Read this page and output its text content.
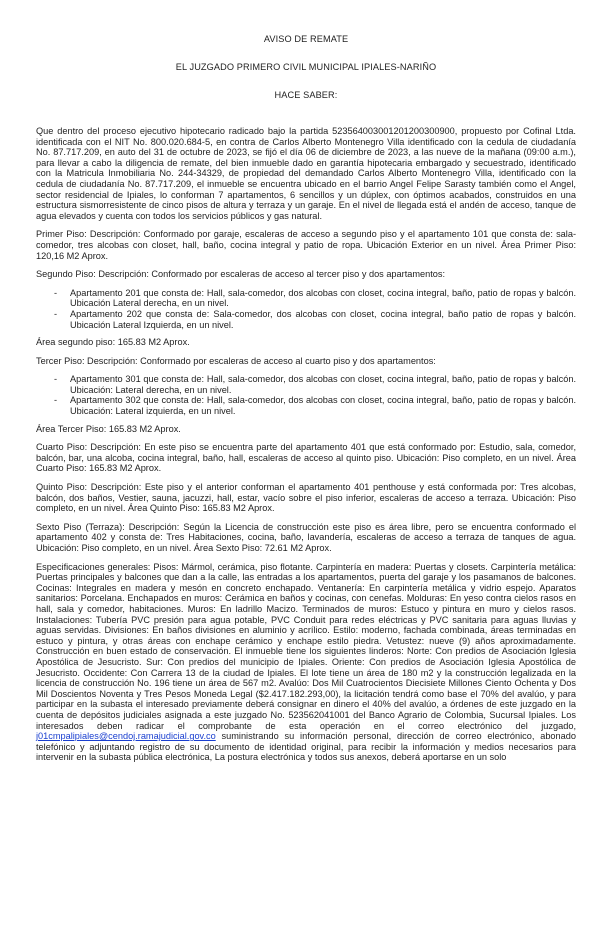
AVISO DE REMATE
EL JUZGADO PRIMERO CIVIL MUNICIPAL IPIALES-NARIÑO
HACE SABER:

Que dentro del proceso ejecutivo hipotecario radicado bajo la partida 523564003001201200300900, propuesto por Cofinal Ltda. identificada con el NIT No. 800.020.684-5, en contra de Carlos Alberto Montenegro Villa identificado con la cedula de ciudadanía No. 87.717.209, en auto del 31 de octubre de 2023, se fijó el día 06 de diciembre de 2023, a las nueve de la mañana (09:00 a.m.), para llevar a cabo la diligencia de remate, del bien inmueble dado en garantía hipotecaria embargado y secuestrado, identificado con la Matricula Inmobiliaria No. 244-34329, de propiedad del demandado Carlos Alberto Montenegro Villa, identificado con la cedula de ciudadanía No. 87.717.209, el inmueble se encuentra ubicado en el barrio Angel Felipe Sarasty también como el Angel, sector residencial de Ipiales, lo conforman 7 apartamentos, 6 sencillos y un dúplex, con óptimos acabados, construidos en una estructura sismorresistente de cinco pisos de altura y terraza y un garaje. En el nivel de llegada está el andén de acceso, tanque de agua elevados y cuenta con todos los servicios públicos y gas natural.

Primer Piso: Descripción: Conformado por garaje, escaleras de acceso a segundo piso y el apartamento 101 que consta de: sala-comedor, tres alcobas con closet, hall, baño, cocina integral y patio de ropa. Ubicación Exterior en un nivel. Área Primer Piso: 120,16 M2 Aprox.

Segundo Piso: Descripción: Conformado por escaleras de acceso al tercer piso y dos apartamentos:

- Apartamento 201 que consta de: Hall, sala-comedor, dos alcobas con closet, cocina integral, baño, patio de ropas y balcón. Ubicación Lateral derecha, en un nivel.
- Apartamento 202 que consta de: Sala-comedor, dos alcobas con closet, cocina integral, baño patio de ropas y balcón. Ubicación Lateral Izquierda, en un nivel.

Área segundo piso: 165.83 M2 Aprox.

Tercer Piso: Descripción: Conformado por escaleras de acceso al cuarto piso y dos apartamentos:

- Apartamento 301 que consta de: Hall, sala-comedor, dos alcobas con closet, cocina integral, baño, patio de ropas y balcón. Ubicación: Lateral derecha, en un nivel.
- Apartamento 302 que consta de: Hall, sala-comedor, dos alcobas con closet, cocina integral, baño, patio de ropas y balcón. Ubicación: Lateral izquierda, en un nivel.

Área Tercer Piso: 165.83 M2 Aprox.

Cuarto Piso: Descripción: En este piso se encuentra parte del apartamento 401 que está conformado por: Estudio, sala, comedor, balcón, bar, una alcoba, cocina integral, baño, hall, escaleras de acceso al quinto piso. Ubicación: Piso completo, en un nivel. Área Cuarto Piso: 165.83 M2 Aprox.

Quinto Piso: Descripción: Este piso y el anterior conforman el apartamento 401 penthouse y está conformada por: Tres alcobas, balcón, dos baños, Vestier, sauna, jacuzzi, hall, estar, vacío sobre el piso inferior, escaleras de acceso a terraza. Ubicación: Piso completo, en un nivel. Área Quinto Piso: 165.83 M2 Aprox.

Sexto Piso (Terraza): Descripción: Según la Licencia de construcción este piso es área libre, pero se encuentra conformado el apartamento 402 y consta de: Tres Habitaciones, cocina, baño, lavandería, escaleras de acceso a terraza de tanques de agua. Ubicación: Piso completo, en un nivel. Área Sexto Piso: 72.61 M2 Aprox.

Especificaciones generales: Pisos: Mármol, cerámica, piso flotante. Carpintería en madera: Puertas y closets. Carpintería metálica: Puertas principales y balcones que dan a la calle, las entradas a los apartamentos, puerta del garaje y los pasamanos de balcones. Cocinas: Integrales en madera y mesón en concreto enchapado. Ventanería: En carpintería metálica y vidrio espejo. Aparatos sanitarios: Porcelana. Enchapados en muros: Cerámica en baños y cocinas, con cenefas. Molduras: En yeso contra cielos rasos en hall, sala y comedor, habitaciones. Muros: En ladrillo Macizo. Terminados de muros: Estuco y pintura en muro y cielos rasos. Instalaciones: Tubería PVC presión para agua potable, PVC Conduit para redes eléctricas y PVC sanitaria para aguas lluvias y aguas servidas. Divisiones: En baños divisiones en aluminio y acrílico. Estilo: moderno, fachada combinada, áreas terminadas en estuco y pintura, y otras áreas con enchape cerámico y enchape estilo piedra. Vetustez: nueve (9) años aproximadamente. Construcción en buen estado de conservación. El inmueble tiene los siguientes linderos: Norte: Con predios de Asociación Iglesia Apostólica de Jesucristo. Sur: Con predios del municipio de Ipiales. Oriente: Con predios de Asociación Iglesia Apostólica de Jesucristo. Occidente: Con Carrera 13 de la ciudad de Ipiales. El lote tiene un área de 180 m2 y la construcción legalizada en la licencia de construcción No. 196 tiene un área de 567 m2. Avalúo: Dos Mil Cuatrocientos Diecisiete Millones Ciento Ochenta y Dos Mil Doscientos Noventa y Tres Pesos Moneda Legal ($2.417.182.293,00), la licitación tendrá como base el 70% del avalúo, y para participar en la subasta el interesado previamente deberá consignar en dinero el 40% del avalúo, a órdenes de este juzgado en la cuenta de depósitos judiciales asignada a este juzgado No. 523562041001 del Banco Agrario de Colombia, Sucursal Ipiales. Los interesados deben radicar el comprobante de esta operación en el correo electrónico del juzgado, j01cmpalipiales@cendoj.ramajudicial.gov.co suministrando su información personal, dirección de correo electrónico, abonado telefónico y adjuntando registro de su documento de identidad original, para recibir la información y medios necesarios para intervenir en la subasta pública electrónica, La postura electrónica y todos sus anexos, deberá aportarse en un solo
